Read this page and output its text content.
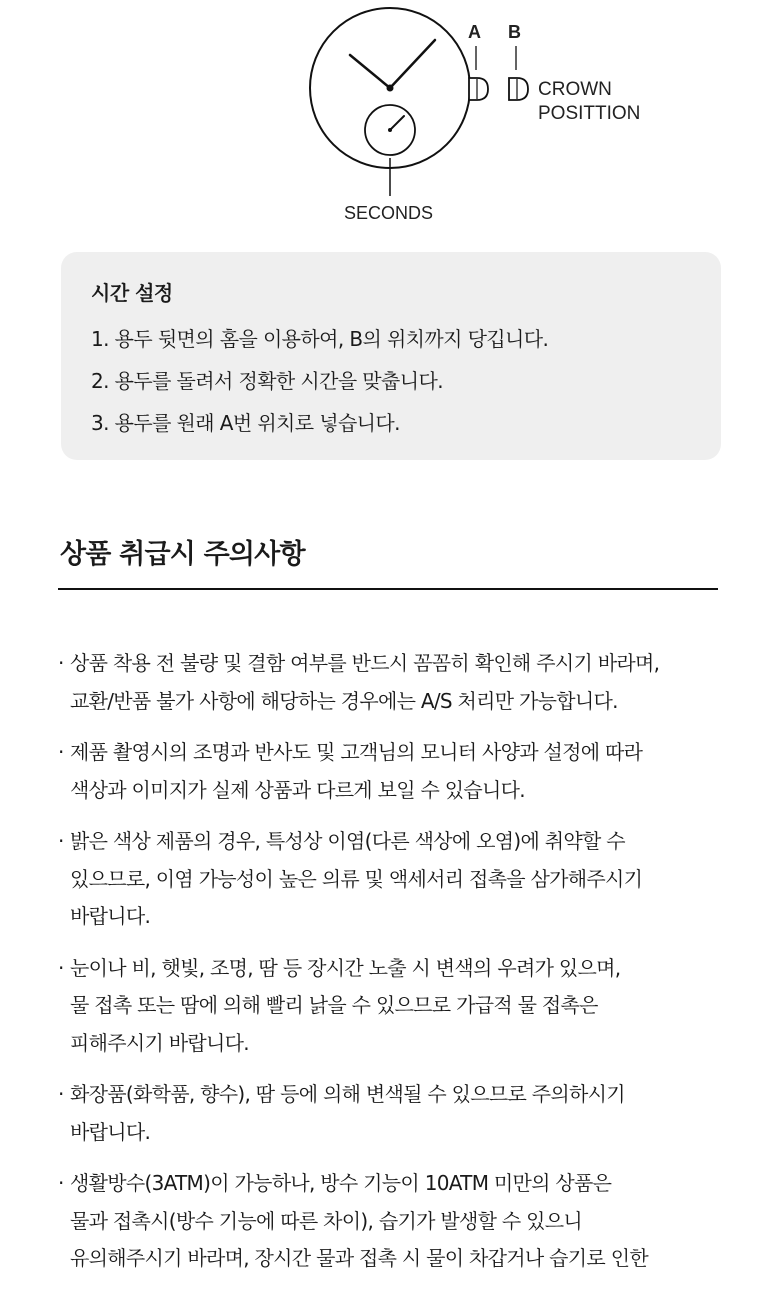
A B
CROWN
POSITTION
SECONDS
시간 설정
1. 용두 뒷면의 홈을 이용하여, B의 위치까지 당깁니다.
2. 용두를 돌려서 정확한 시간을 맞춥니다.
3. 용두를 원래 A번 위치로 넣습니다.
상품 취급시 주의사항
· 상품 착용 전 불량 및 결함 여부를 반드시 꼼꼼히 확인해 주시기 바라며,
교환/반품 불가 사항에 해당하는 경우에는 A/S 처리만 가능합니다.
· 제품 촬영시의 조명과 반사도 및 고객님의 모니터 사양과 설정에 따라
색상과 이미지가 실제 상품과 다르게 보일 수 있습니다.
· 밝은 색상 제품의 경우, 특성상 이염(다른 색상에 오염)에 취약할 수
있으므로, 이염 가능성이 높은 의류 및 액세서리 접촉을 삼가해주시기
바랍니다.
· 눈이나 비, 햇빛, 조명, 땀 등 장시간 노출 시 변색의 우려가 있으며,
물 접촉 또는 땀에 의해 빨리 낡을 수 있으므로 가급적 물 접촉은
피해주시기 바랍니다.
· 화장품(화학품, 향수), 땀 등에 의해 변색될 수 있으므로 주의하시기
바랍니다.
· 생활방수(3ATM)이 가능하나, 방수 기능이 10ATM 미만의 상품은
물과 접촉시(방수 기능에 따른 차이), 습기가 발생할 수 있으니
유의해주시기 바라며, 장시간 물과 접촉 시 물이 차갑거나 습기로 인한
